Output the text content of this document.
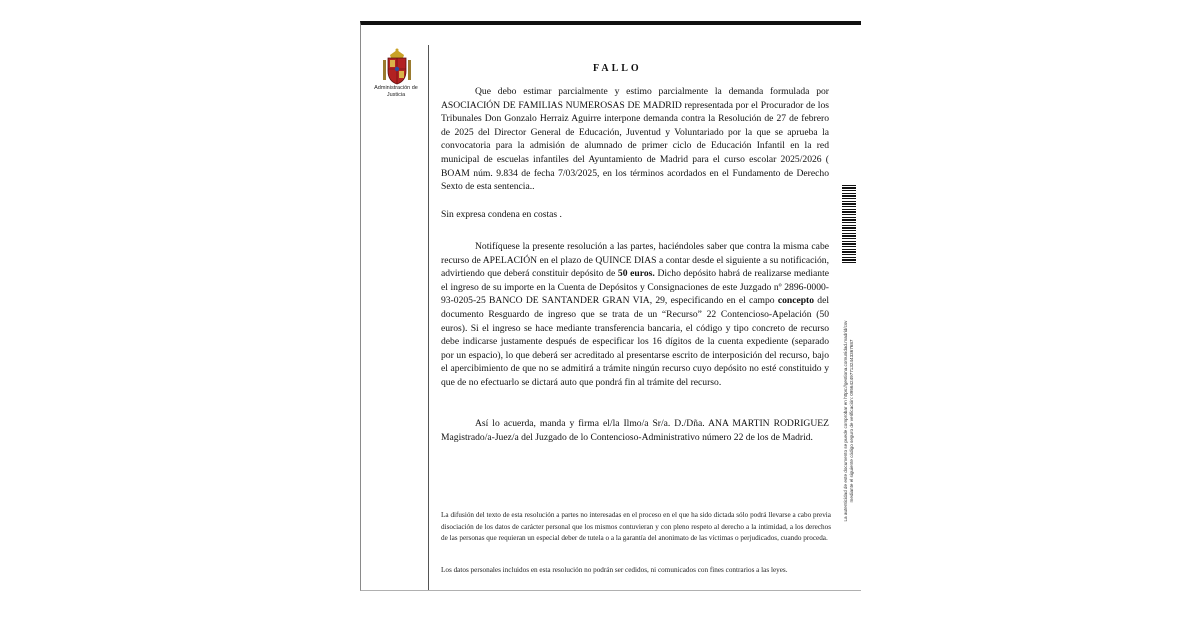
Administración de Justicia
FALLO

Que debo estimar parcialmente y estimo parcialmente la demanda formulada por ASOCIACIÓN DE FAMILIAS NUMEROSAS DE MADRID representada por el Procurador de los Tribunales Don Gonzalo Herraiz Aguirre interpone demanda contra la Resolución de 27 de febrero de 2025 del Director General de Educación, Juventud y Voluntariado por la que se aprueba la convocatoria para la admisión de alumnado de primer ciclo de Educación Infantil en la red municipal de escuelas infantiles del Ayuntamiento de Madrid para el curso escolar 2025/2026 ( BOAM núm. 9.834 de fecha 7/03/2025, en los términos acordados en el Fundamento de Derecho Sexto de esta sentencia..

Sin expresa condena en costas .

Notifíquese la presente resolución a las partes, haciéndoles saber que contra la misma cabe recurso de APELACIÓN en el plazo de QUINCE DIAS a contar desde el siguiente a su notificación, advirtiendo que deberá constituir depósito de 50 euros. Dicho depósito habrá de realizarse mediante el ingreso de su importe en la Cuenta de Depósitos y Consignaciones de este Juzgado nº 2896-0000-93-0205-25 BANCO DE SANTANDER GRAN VIA, 29, especificando en el campo concepto del documento Resguardo de ingreso que se trata de un “Recurso” 22 Contencioso-Apelación (50 euros). Si el ingreso se hace mediante transferencia bancaria, el código y tipo concreto de recurso debe indicarse justamente después de especificar los 16 dígitos de la cuenta expediente (separado por un espacio), lo que deberá ser acreditado al presentarse escrito de interposición del recurso, bajo el apercibimiento de que no se admitirá a trámite ningún recurso cuyo depósito no esté constituido y que de no efectuarlo se dictará auto que pondrá fin al trámite del recurso.

Así lo acuerda, manda y firma el/la Ilmo/a Sr/a. D./Dña. ANA MARTIN RODRIGUEZ Magistrado/a-Juez/a del Juzgado de lo Contencioso-Administrativo número 22 de los de Madrid.

La difusión del texto de esta resolución a partes no interesadas en el proceso en el que ha sido dictada sólo podrá llevarse a cabo previa disociación de los datos de carácter personal que los mismos contuvieran y con pleno respeto al derecho a la intimidad, a los derechos de las personas que requieran un especial deber de tutela o a la garantía del anonimato de las víctimas o perjudicados, cuando proceda.
Los datos personales incluidos en esta resolución no podrán ser cedidos, ni comunicados con fines contrarios a las leyes.
La autenticidad de este documento se puede comprobar en https://gestiona.comunidad.madrid/csv mediante el siguiente código seguro de verificación: 0956424977132443367687
